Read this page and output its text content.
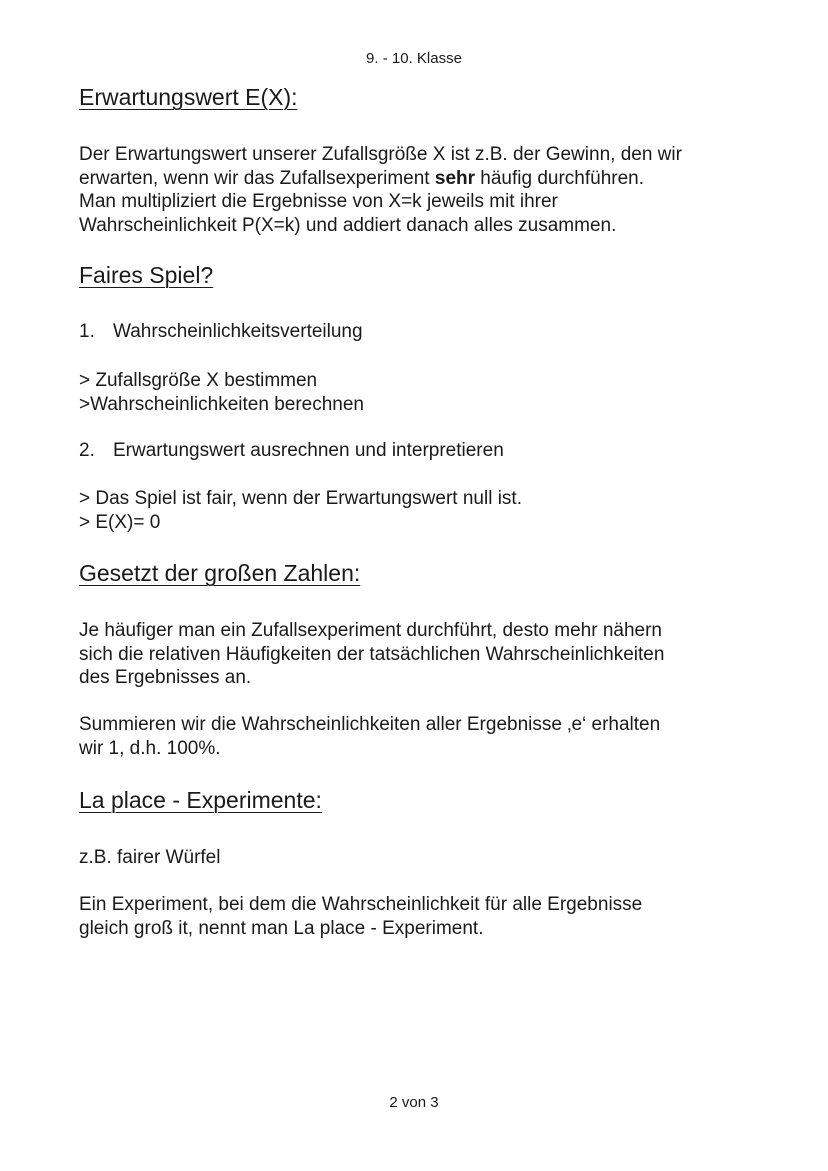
9. - 10. Klasse
Erwartungswert E(X):
Der Erwartungswert unserer Zufallsgröße X ist z.B. der Gewinn, den wir
erwarten, wenn wir das Zufallsexperiment sehr häufig durchführen.
Man multipliziert die Ergebnisse von X=k jeweils mit ihrer
Wahrscheinlichkeit P(X=k) und addiert danach alles zusammen.
Faires Spiel?
1. Wahrscheinlichkeitsverteilung
> Zufallsgröße X bestimmen
>Wahrscheinlichkeiten berechnen
2. Erwartungswert ausrechnen und interpretieren
> Das Spiel ist fair, wenn der Erwartungswert null ist.
> E(X)= 0
Gesetzt der großen Zahlen:
Je häufiger man ein Zufallsexperiment durchführt, desto mehr nähern
sich die relativen Häufigkeiten der tatsächlichen Wahrscheinlichkeiten
des Ergebnisses an.
Summieren wir die Wahrscheinlichkeiten aller Ergebnisse ‚e‘ erhalten
wir 1, d.h. 100%.
La place - Experimente:
z.B. fairer Würfel
Ein Experiment, bei dem die Wahrscheinlichkeit für alle Ergebnisse
gleich groß it, nennt man La place - Experiment.
2 von 3
